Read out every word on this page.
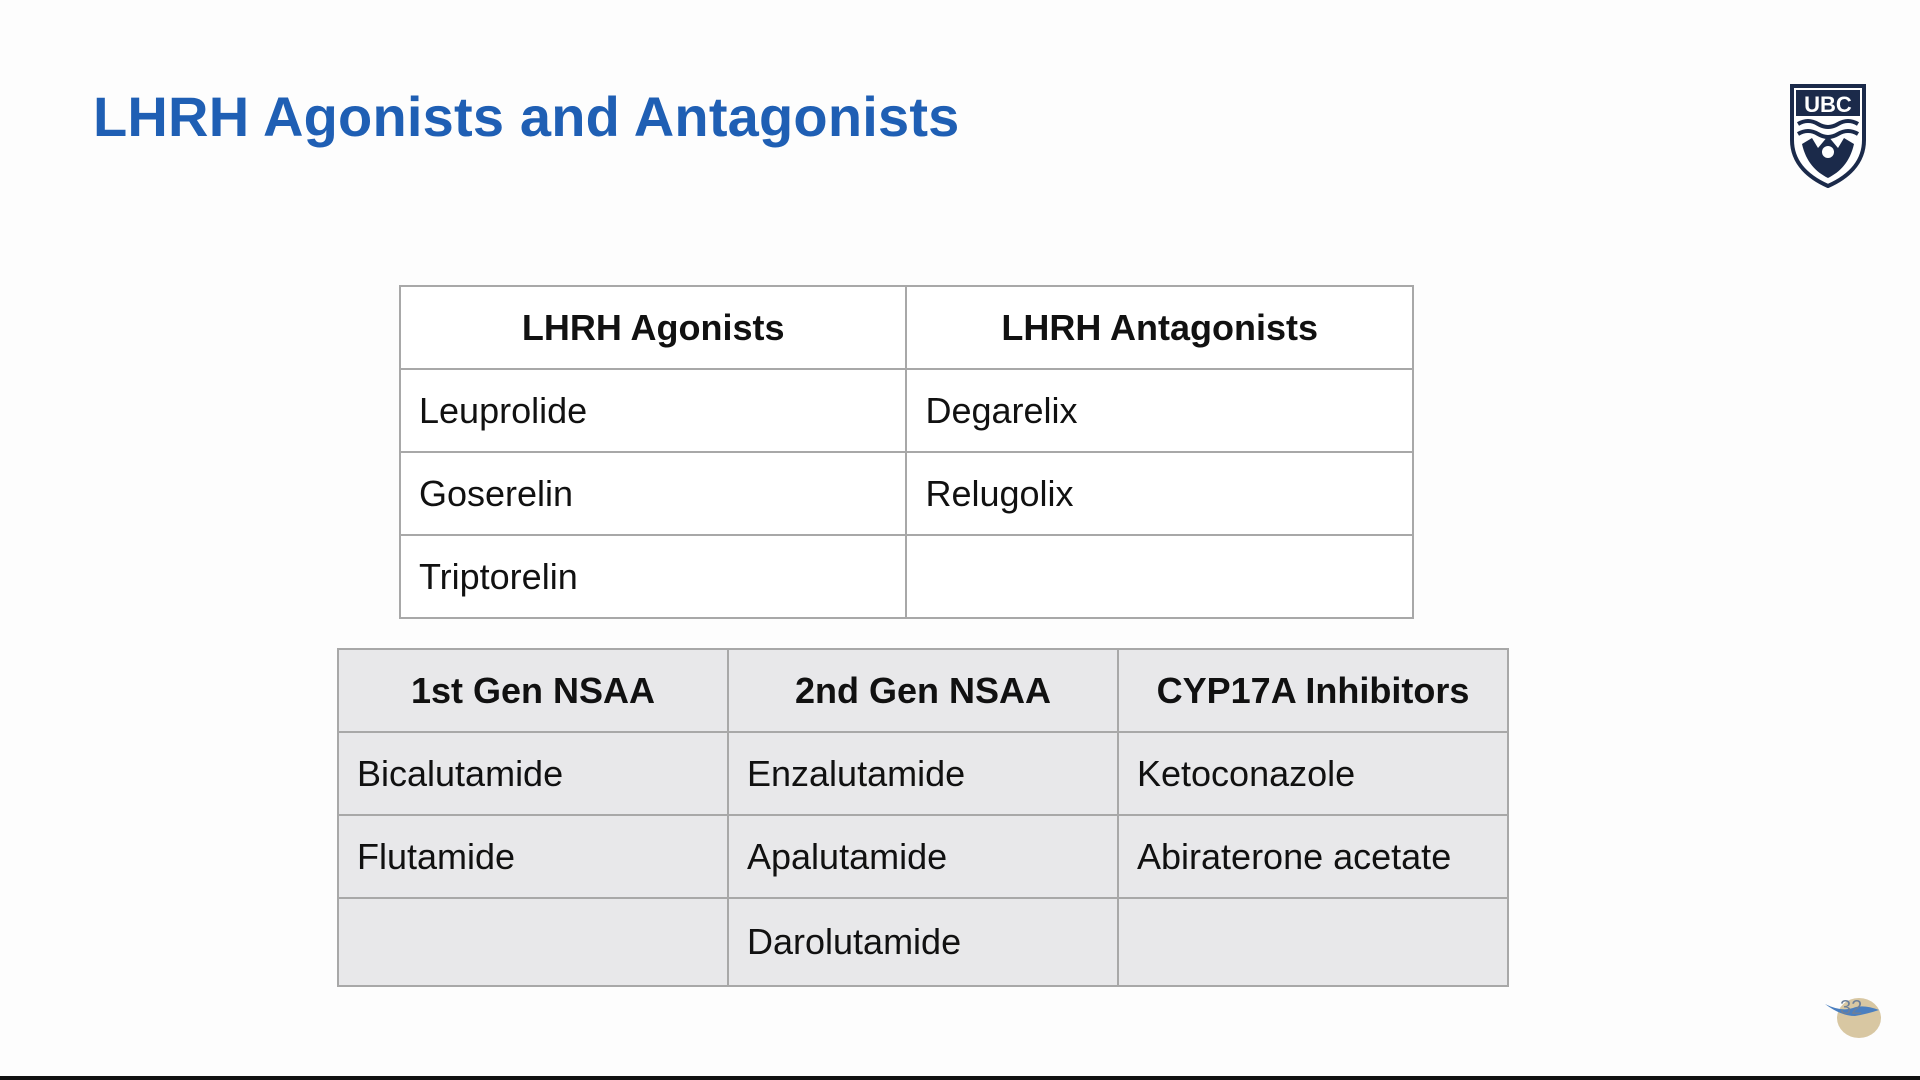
LHRH Agonists and Antagonists	UBC
LHRH Agonists	LHRH Antagonists
Leuprolide	Degarelix
Goserelin	Relugolix
Triptorelin	
1st Gen NSAA	2nd Gen NSAA	CYP17A Inhibitors
Bicalutamide	Enzalutamide	Ketoconazole
Flutamide	Apalutamide	Abiraterone acetate
	Darolutamide	
32
